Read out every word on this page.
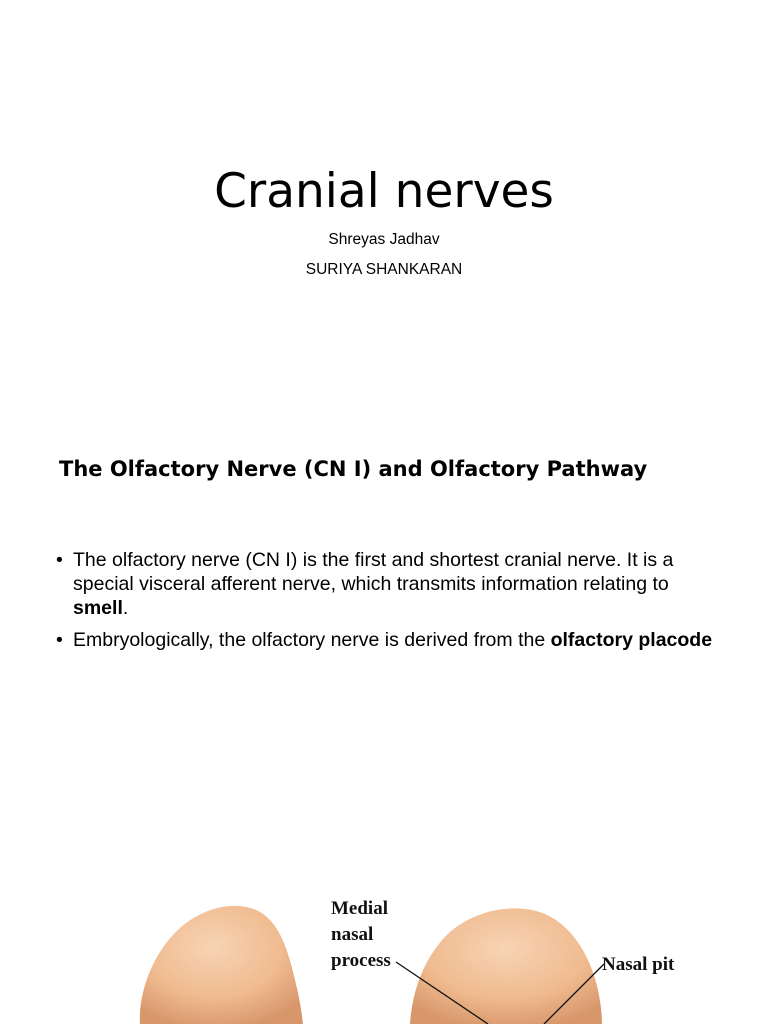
Cranial nerves
Shreyas Jadhav
SURIYA SHANKARAN
The Olfactory Nerve (CN I) and Olfactory Pathway
• The olfactory nerve (CN I) is the first and shortest cranial nerve. It is a special visceral afferent nerve, which transmits information relating to smell.
• Embryologically, the olfactory nerve is derived from the olfactory placode
Medial
nasal
process	Nasal pit
